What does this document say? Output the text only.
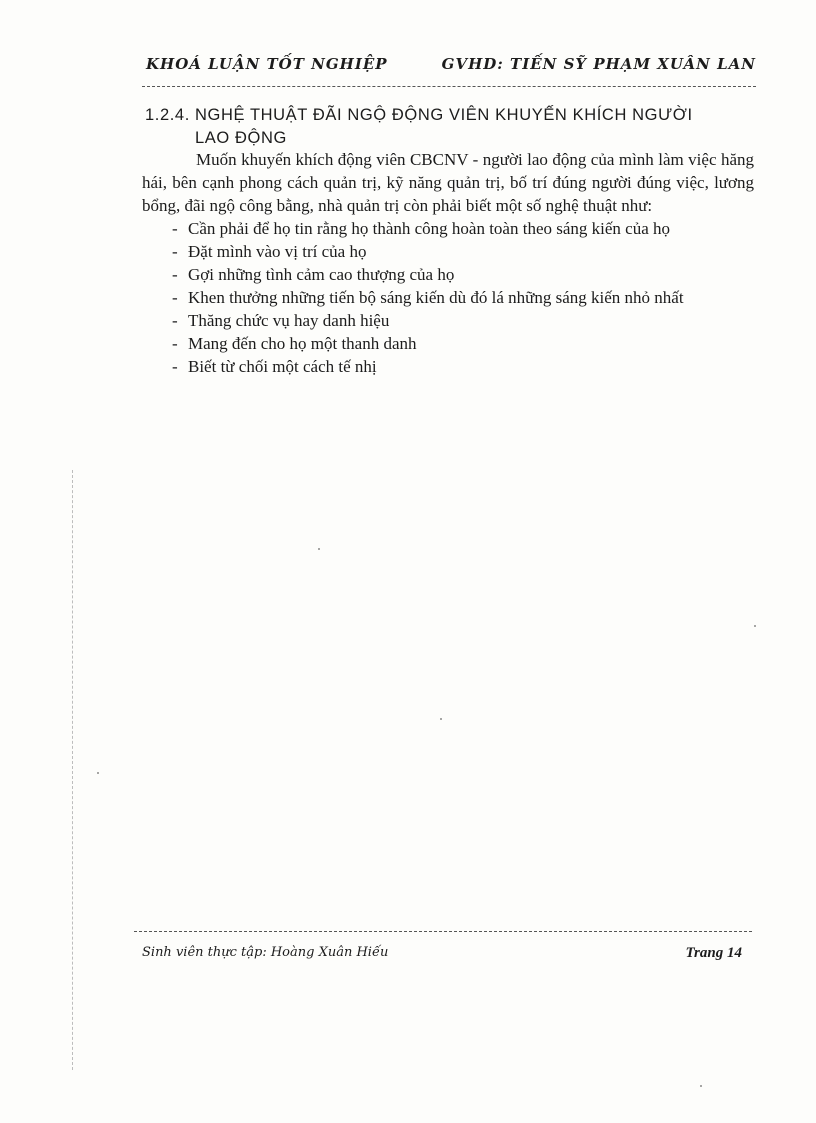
KHOÁ LUẬN TỐT NGHIỆP	GVHD: TIẾN SỸ PHẠM XUÂN LAN
1.2.4. NGHỆ THUẬT ĐÃI NGỘ ĐỘNG VIÊN KHUYẾN KHÍCH NGƯỜI
LAO ĐỘNG

Muốn khuyến khích động viên CBCNV - người lao động của mình làm việc hăng hái, bên cạnh phong cách quản trị, kỹ năng quản trị, bố trí đúng người đúng việc, lương bổng, đãi ngộ công bằng, nhà quản trị còn phải biết một số nghệ thuật như:

- Cần phải để họ tin rằng họ thành công hoàn toàn theo sáng kiến của họ
- Đặt mình vào vị trí của họ
- Gợi những tình cảm cao thượng của họ
- Khen thưởng những tiến bộ sáng kiến dù đó lá những sáng kiến nhỏ nhất
- Thăng chức vụ hay danh hiệu
- Mang đến cho họ một thanh danh
- Biết từ chối một cách tế nhị
Sinh viên thực tập: Hoàng Xuân Hiếu	Trang 14
